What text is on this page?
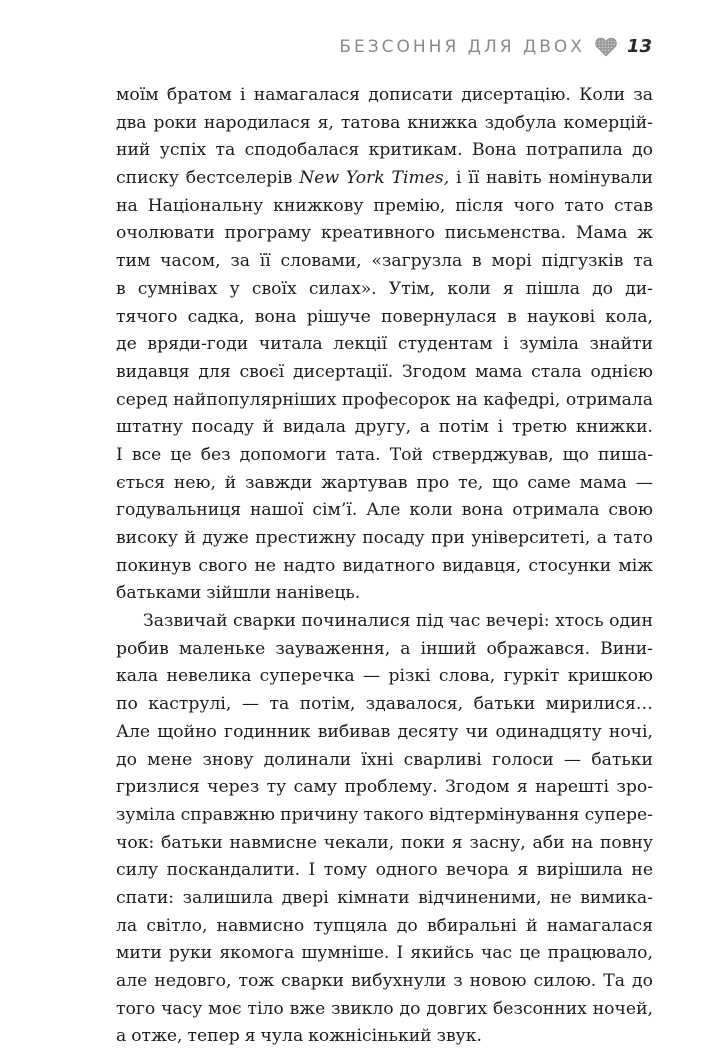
БЕЗСОННЯ ДЛЯ ДВОХ 13
моїм братом і намагалася дописати дисертацію. Коли за
два роки народилася я, татова книжка здобула комерцій-
ний успіх та сподобалася критикам. Вона потрапила до
списку бестселерів New York Times, і її навіть номінували
на Національну книжкову премію, після чого тато став
очолювати програму креативного письменства. Мама ж
тим часом, за її словами, «загрузла в морі підгузків та
в сумнівах у своїх силах». Утім, коли я пішла до ди-
тячого садка, вона рішуче повернулася в наукові кола,
де вряди-годи читала лекції студентам і зуміла знайти
видавця для своєї дисертації. Згодом мама стала однією
серед найпопулярніших професорок на кафедрі, отримала
штатну посаду й видала другу, а потім і третю книжки.
І все це без допомоги тата. Той стверджував, що пиша-
ється нею, й завжди жартував про те, що саме мама —
годувальниця нашої сім’ї. Але коли вона отримала свою
високу й дуже престижну посаду при університеті, а тато
покинув свого не надто видатного видавця, стосунки між
батьками зійшли нанівець.
Зазвичай сварки починалися під час вечері: хтось один
робив маленьке зауваження, а інший ображався. Вини-
кала невелика суперечка — різкі слова, гуркіт кришкою
по каструлі, — та потім, здавалося, батьки мирилися…
Але щойно годинник вибивав десяту чи одинадцяту ночі,
до мене знову долинали їхні сварливі голоси — батьки
гризлися через ту саму проблему. Згодом я нарешті зро-
зуміла справжню причину такого відтермінування супере-
чок: батьки навмисне чекали, поки я засну, аби на повну
силу поскандалити. І тому одного вечора я вирішила не
спати: залишила двері кімнати відчиненими, не вимика-
ла світло, навмисно тупцяла до вбиральні й намагалася
мити руки якомога шумніше. І якийсь час це працювало,
але недовго, тож сварки вибухнули з новою силою. Та до
того часу моє тіло вже звикло до довгих безсонних ночей,
а отже, тепер я чула кожнісінький звук.
